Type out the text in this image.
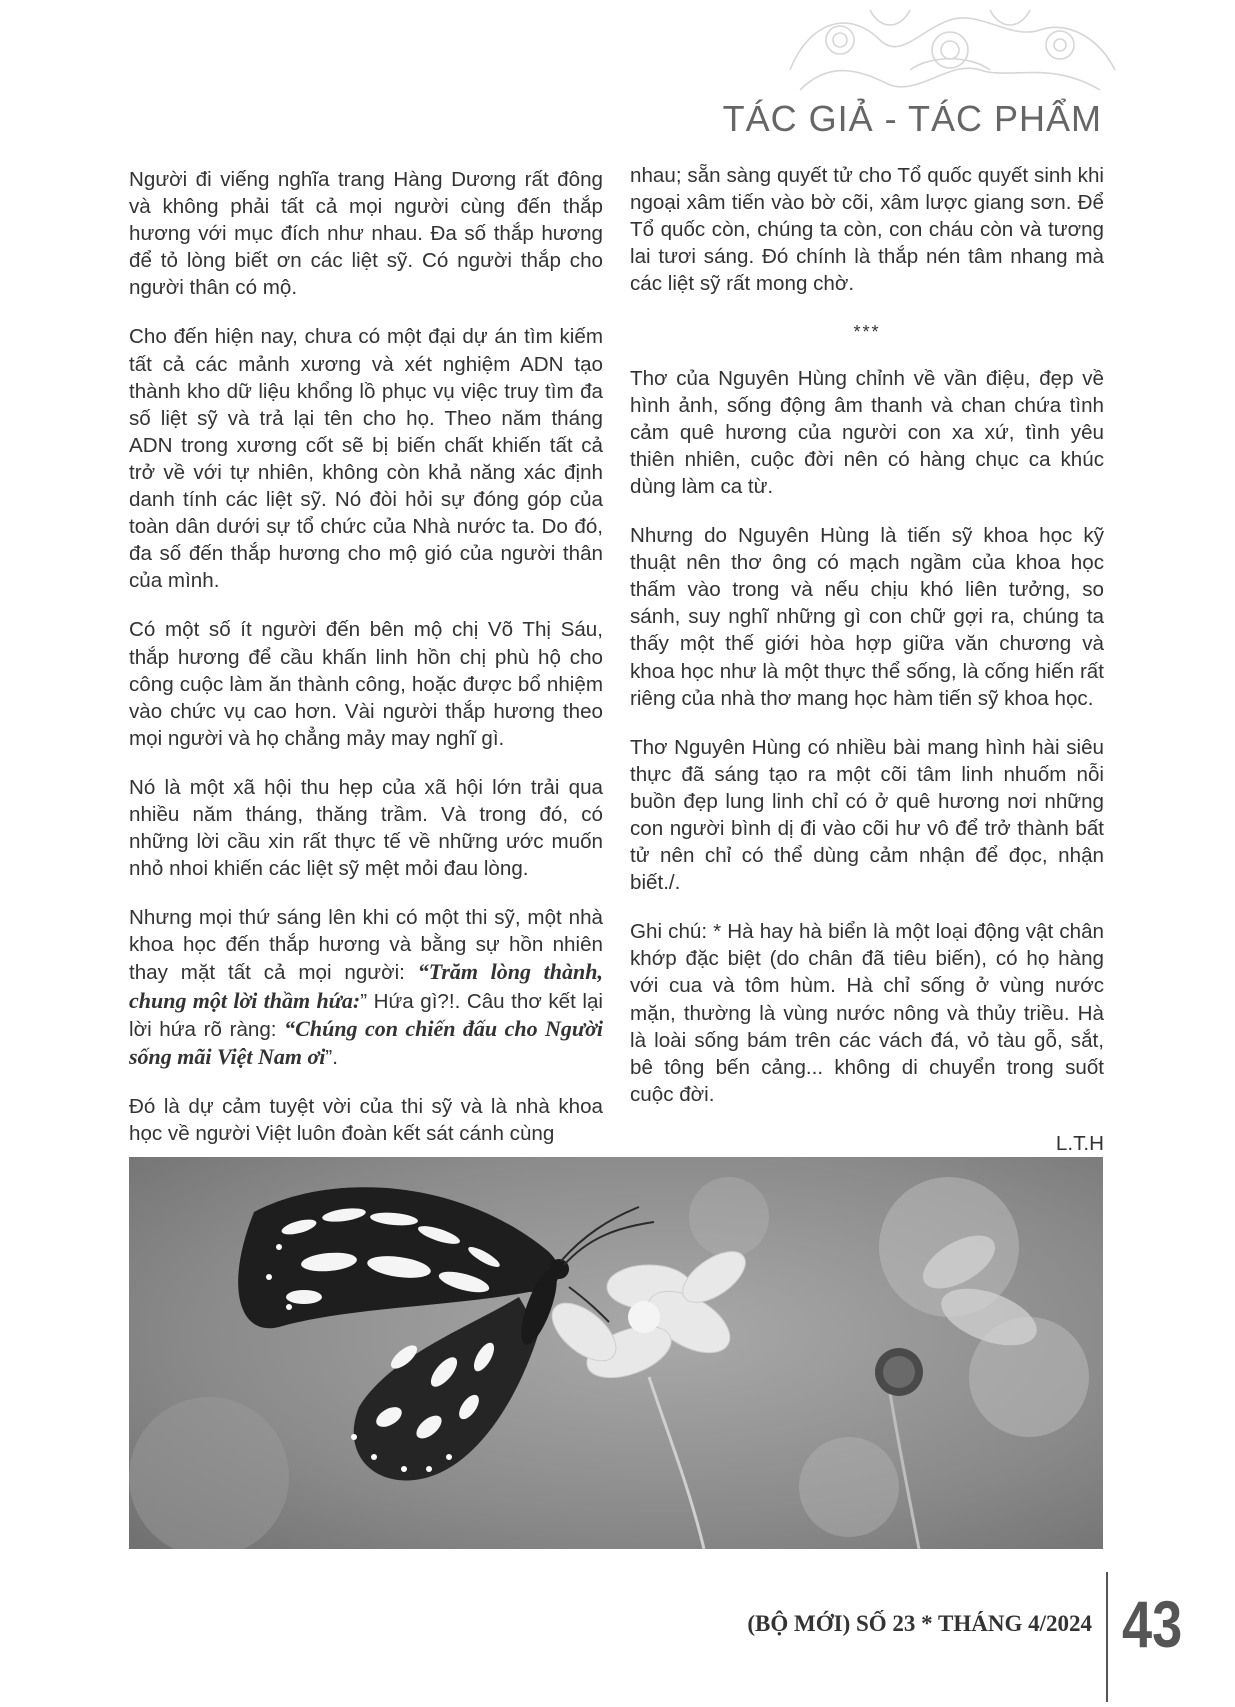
TÁC GIẢ - TÁC PHẨM

Người đi viếng nghĩa trang Hàng Dương rất đông và không phải tất cả mọi người cùng đến thắp hương với mục đích như nhau. Đa số thắp hương để tỏ lòng biết ơn các liệt sỹ. Có người thắp cho người thân có mộ.

Cho đến hiện nay, chưa có một đại dự án tìm kiếm tất cả các mảnh xương và xét nghiệm ADN tạo thành kho dữ liệu khổng lồ phục vụ việc truy tìm đa số liệt sỹ và trả lại tên cho họ. Theo năm tháng ADN trong xương cốt sẽ bị biến chất khiến tất cả trở về với tự nhiên, không còn khả năng xác định danh tính các liệt sỹ. Nó đòi hỏi sự đóng góp của toàn dân dưới sự tổ chức của Nhà nước ta. Do đó, đa số đến thắp hương cho mộ gió của người thân của mình.

Có một số ít người đến bên mộ chị Võ Thị Sáu, thắp hương để cầu khấn linh hồn chị phù hộ cho công cuộc làm ăn thành công, hoặc được bổ nhiệm vào chức vụ cao hơn. Vài người thắp hương theo mọi người và họ chẳng mảy may nghĩ gì.

Nó là một xã hội thu hẹp của xã hội lớn trải qua nhiều năm tháng, thăng trầm. Và trong đó, có những lời cầu xin rất thực tế về những ước muốn nhỏ nhoi khiến các liệt sỹ mệt mỏi đau lòng.

Nhưng mọi thứ sáng lên khi có một thi sỹ, một nhà khoa học đến thắp hương và bằng sự hồn nhiên thay mặt tất cả mọi người: “Trăm lòng thành, chung một lời thầm hứa:” Hứa gì?!. Câu thơ kết lại lời hứa rõ ràng: “Chúng con chiến đấu cho Người sống mãi Việt Nam ơi”.

Đó là dự cảm tuyệt vời của thi sỹ và là nhà khoa học về người Việt luôn đoàn kết sát cánh cùng

nhau; sẵn sàng quyết tử cho Tổ quốc quyết sinh khi ngoại xâm tiến vào bờ cõi, xâm lược giang sơn. Để Tổ quốc còn, chúng ta còn, con cháu còn và tương lai tươi sáng. Đó chính là thắp nén tâm nhang mà các liệt sỹ rất mong chờ.

***

Thơ của Nguyên Hùng chỉnh về vần điệu, đẹp về hình ảnh, sống động âm thanh và chan chứa tình cảm quê hương của người con xa xứ, tình yêu thiên nhiên, cuộc đời nên có hàng chục ca khúc dùng làm ca từ.

Nhưng do Nguyên Hùng là tiến sỹ khoa học kỹ thuật nên thơ ông có mạch ngầm của khoa học thấm vào trong và nếu chịu khó liên tưởng, so sánh, suy nghĩ những gì con chữ gợi ra, chúng ta thấy một thế giới hòa hợp giữa văn chương và khoa học như là một thực thể sống, là cống hiến rất riêng của nhà thơ mang học hàm tiến sỹ khoa học.

Thơ Nguyên Hùng có nhiều bài mang hình hài siêu thực đã sáng tạo ra một cõi tâm linh nhuốm nỗi buồn đẹp lung linh chỉ có ở quê hương nơi những con người bình dị đi vào cõi hư vô để trở thành bất tử nên chỉ có thể dùng cảm nhận để đọc, nhận biết./.

Ghi chú: * Hà hay hà biển là một loại động vật chân khớp đặc biệt (do chân đã tiêu biến), có họ hàng với cua và tôm hùm. Hà chỉ sống ở vùng nước mặn, thường là vùng nước nông và thủy triều. Hà là loài sống bám trên các vách đá, vỏ tàu gỗ, sắt, bê tông bến cảng... không di chuyển trong suốt cuộc đời.

L.T.H
(BỘ MỚI) SỐ 23 * THÁNG 4/2024 43
